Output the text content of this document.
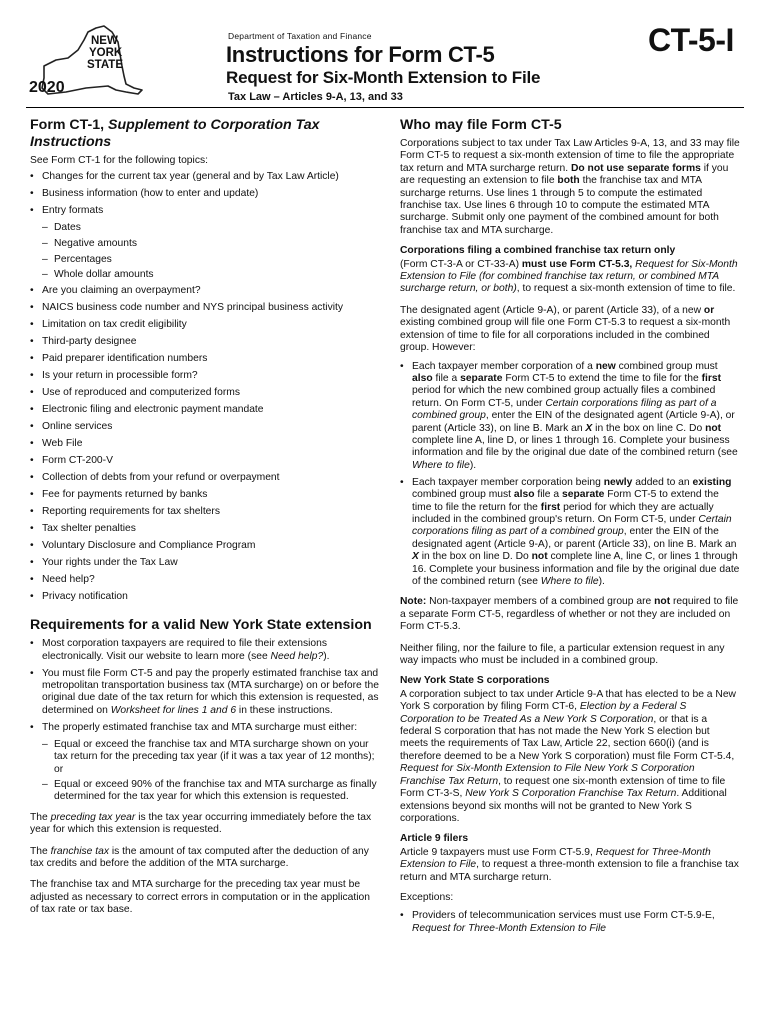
NEW
YORK
STATE
2020
Department of Taxation and Finance
Instructions for Form CT-5
Request for Six-Month Extension to File
Tax Law – Articles 9-A, 13, and 33
CT-5-I
Form CT-1, Supplement to Corporation Tax Instructions

See Form CT-1 for the following topics:

• Changes for the current tax year (general and by Tax Law Article)
• Business information (how to enter and update)
• Entry formats
– Dates
– Negative amounts
– Percentages
– Whole dollar amounts
• Are you claiming an overpayment?
• NAICS business code number and NYS principal business activity
• Limitation on tax credit eligibility
• Third-party designee
• Paid preparer identification numbers
• Is your return in processible form?
• Use of reproduced and computerized forms
• Electronic filing and electronic payment mandate
• Online services
• Web File
• Form CT-200-V
• Collection of debts from your refund or overpayment
• Fee for payments returned by banks
• Reporting requirements for tax shelters
• Tax shelter penalties
• Voluntary Disclosure and Compliance Program
• Your rights under the Tax Law
• Need help?
• Privacy notification
Requirements for a valid New York State extension
• Most corporation taxpayers are required to file their extensions electronically. Visit our website to learn more (see Need help?).
• You must file Form CT-5 and pay the properly estimated franchise tax and metropolitan transportation business tax (MTA surcharge) on or before the original due date of the tax return for which this extension is requested, as determined on Worksheet for lines 1 and 6 in these instructions.
• The properly estimated franchise tax and MTA surcharge must either:
– Equal or exceed the franchise tax and MTA surcharge shown on your tax return for the preceding tax year (if it was a tax year of 12 months); or
– Equal or exceed 90% of the franchise tax and MTA surcharge as finally determined for the tax year for which this extension is requested.

The preceding tax year is the tax year occurring immediately before the tax year for which this extension is requested.

The franchise tax is the amount of tax computed after the deduction of any tax credits and before the addition of the MTA surcharge.

The franchise tax and MTA surcharge for the preceding tax year must be adjusted as necessary to correct errors in computation or in the application of tax rate or tax base.

Who may file Form CT-5

Corporations subject to tax under Tax Law Articles 9-A, 13, and 33 may file Form CT-5 to request a six-month extension of time to file the appropriate tax return and MTA surcharge return. Do not use separate forms if you are requesting an extension to file both the franchise tax and MTA surcharge returns. Use lines 1 through 5 to compute the estimated franchise tax. Use lines 6 through 10 to compute the estimated MTA surcharge. Submit only one payment of the combined amount for both franchise tax and MTA surcharge.

Corporations filing a combined franchise tax return only

(Form CT-3-A or CT-33-A) must use Form CT-5.3, Request for Six-Month Extension to File (for combined franchise tax return, or combined MTA surcharge return, or both), to request a six-month extension of time to file.

The designated agent (Article 9-A), or parent (Article 33), of a new or existing combined group will file one Form CT-5.3 to request a six-month extension of time to file for all corporations included in the combined group. However:

• Each taxpayer member corporation of a new combined group must also file a separate Form CT-5 to extend the time to file for the first period for which the new combined group actually files a combined return. On Form CT-5, under Certain corporations filing as part of a combined group, enter the EIN of the designated agent (Article 9-A), or parent (Article 33), on line B. Mark an X in the box on line C. Do not complete line A, line D, or lines 1 through 16. Complete your business information and file by the original due date of the combined return (see Where to file).
• Each taxpayer member corporation being newly added to an existing combined group must also file a separate Form CT-5 to extend the time to file the return for the first period for which they are actually included in the combined group's return. On Form CT-5, under Certain corporations filing as part of a combined group, enter the EIN of the designated agent (Article 9-A), or parent (Article 33), on line B. Mark an X in the box on line D. Do not complete line A, line C, or lines 1 through 16. Complete your business information and file by the original due date of the combined return (see Where to file).

Note: Non-taxpayer members of a combined group are not required to file a separate Form CT-5, regardless of whether or not they are included on Form CT-5.3.

Neither filing, nor the failure to file, a particular extension request in any way impacts who must be included in a combined group.

New York State S corporations

A corporation subject to tax under Article 9-A that has elected to be a New York S corporation by filing Form CT-6, Election by a Federal S Corporation to be Treated As a New York S Corporation, or that is a federal S corporation that has not made the New York S election but meets the requirements of Tax Law, Article 22, section 660(i) (and is therefore deemed to be a New York S corporation) must file Form CT-5.4, Request for Six-Month Extension to File New York S Corporation Franchise Tax Return, to request one six-month extension of time to file Form CT-3-S, New York S Corporation Franchise Tax Return. Additional extensions beyond six months will not be granted to New York S corporations.

Article 9 filers

Article 9 taxpayers must use Form CT-5.9, Request for Three-Month Extension to File, to request a three-month extension to file a franchise tax return and MTA surcharge return.

Exceptions:

• Providers of telecommunication services must use Form CT-5.9-E, Request for Three-Month Extension to File
